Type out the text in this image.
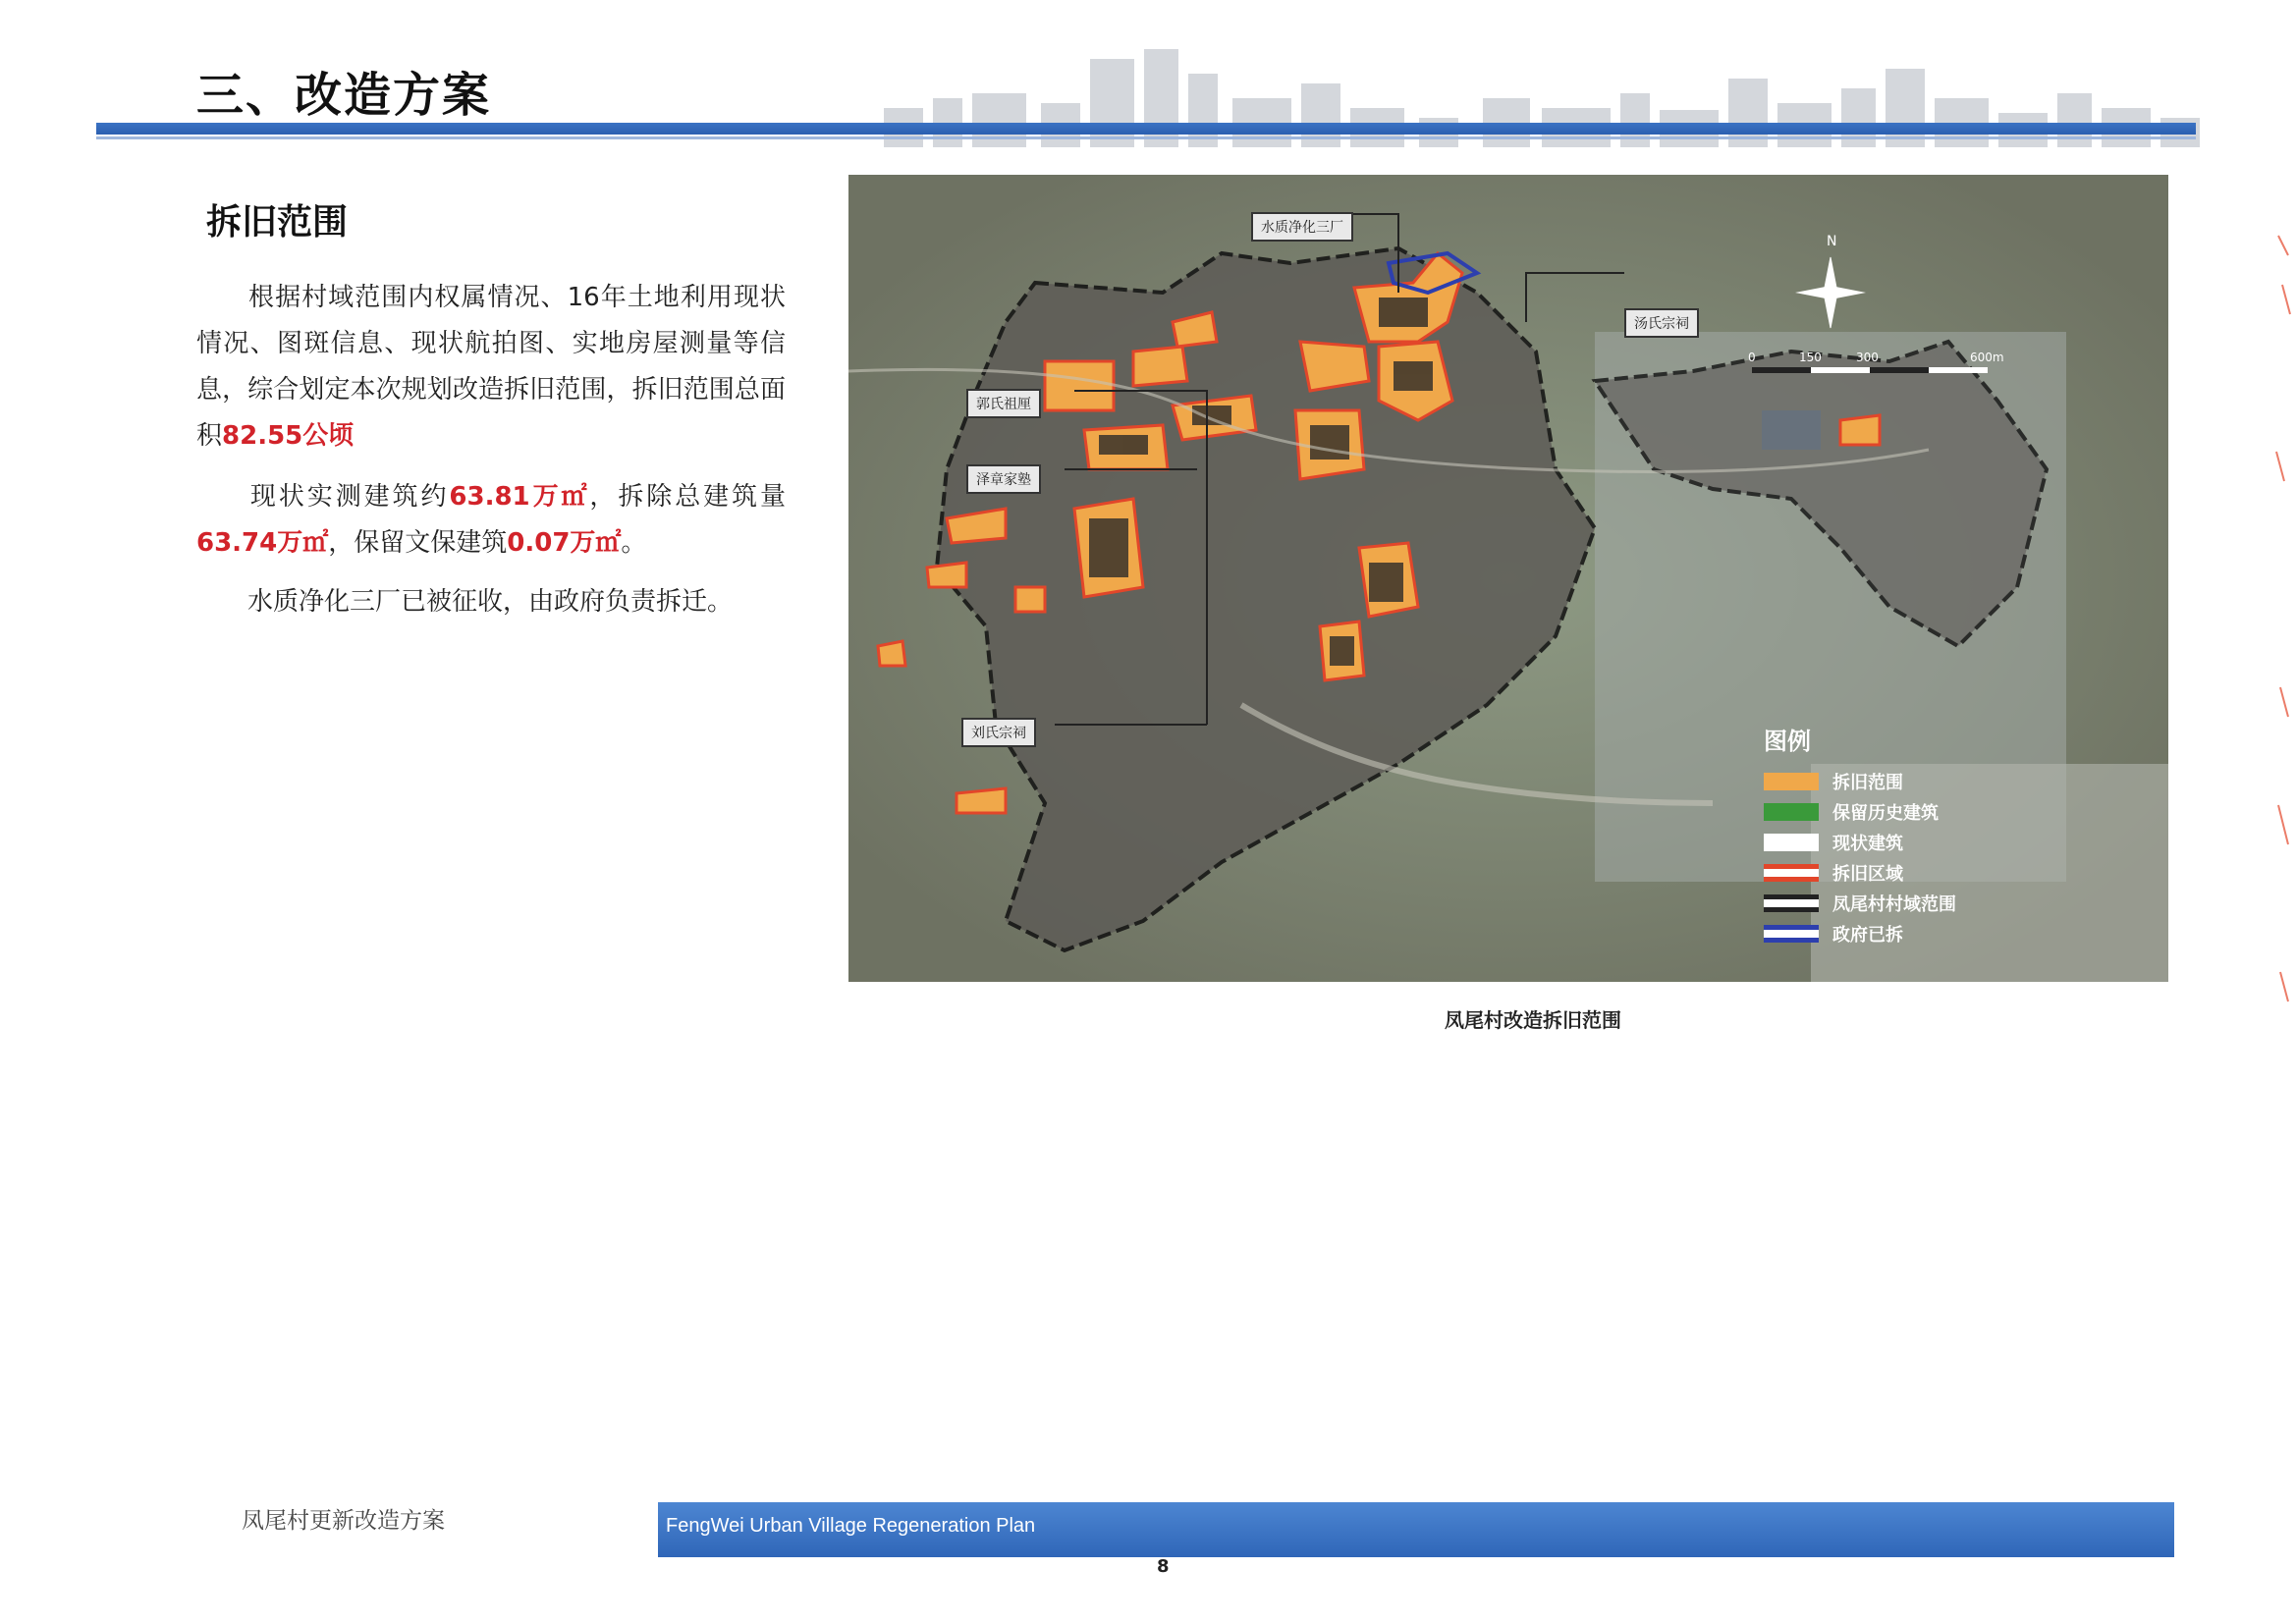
三、改造方案
拆旧范围
根据村域范围内权属情况、16年土地利用现状情况、图斑信息、现状航拍图、实地房屋测量等信息，综合划定本次规划改造拆旧范围，拆旧范围总面积82.55公顷
现状实测建筑约63.81万㎡，拆除总建筑量63.74万㎡，保留文保建筑0.07万㎡。
水质净化三厂已被征收，由政府负责拆迁。
N
0	150	300	600m
水质净化三厂
汤氏宗祠
郭氏祖厘
泽章家塾
刘氏宗祠	图例
拆旧范围
保留历史建筑
现状建筑
拆旧区域
凤尾村村域范围
政府已拆
凤尾村改造拆旧范围
凤尾村更新改造方案	FengWei Urban Village Regeneration Plan
8
